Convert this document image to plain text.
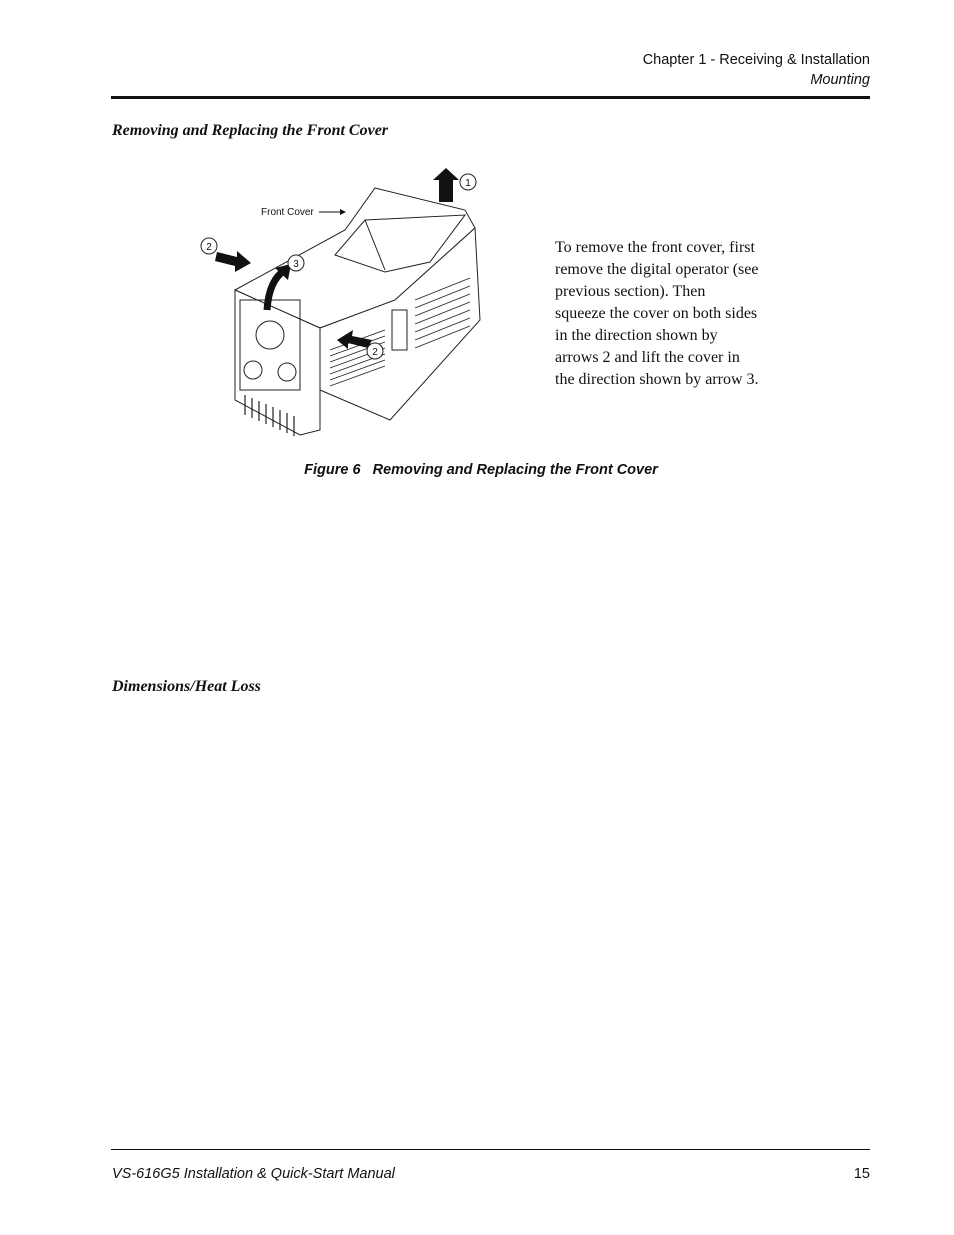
Chapter 1 - Receiving & Installation
Mounting
Removing and Replacing the Front Cover
Front Cover
1
2
3
2
To remove the front cover, first
remove the digital operator (see
previous section). Then
squeeze the cover on both sides
in the direction shown by
arrows 2 and lift the cover in
the direction shown by arrow 3.
Figure 6 Removing and Replacing the Front Cover
Dimensions/Heat Loss
VS-616G5 Installation & Quick-Start Manual	15
